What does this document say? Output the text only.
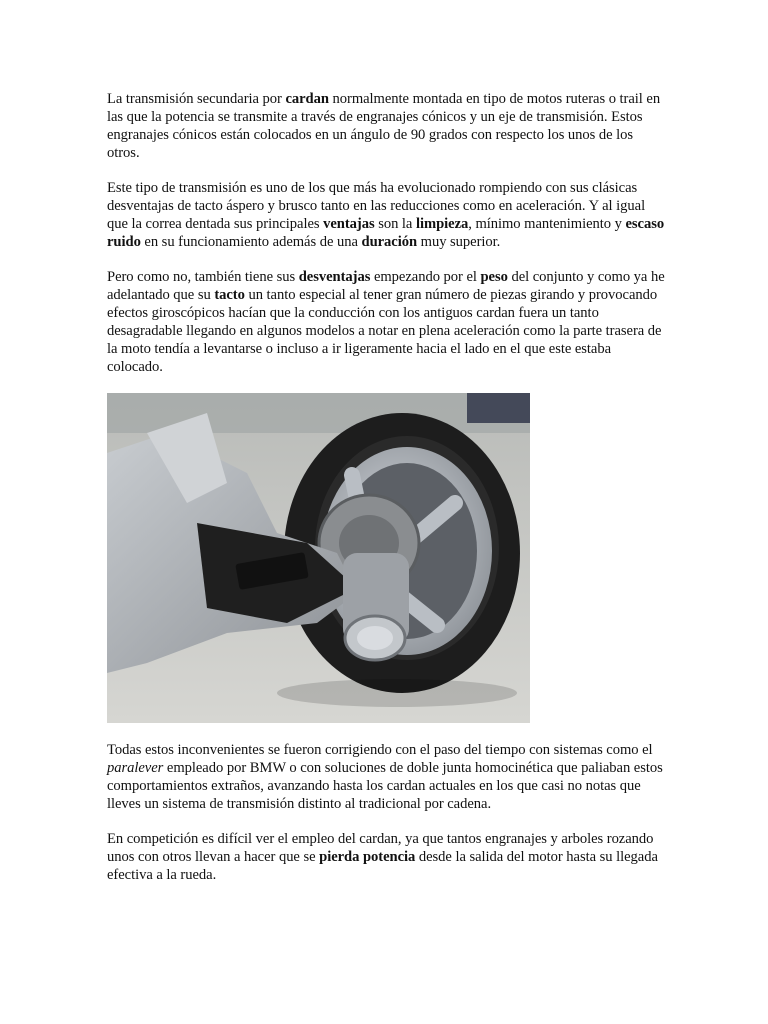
La transmisión secundaria por cardan normalmente montada en tipo de motos ruteras o trail en las que la potencia se transmite a través de engranajes cónicos y un eje de transmisión. Estos engranajes cónicos están colocados en un ángulo de 90 grados con respecto los unos de los otros.

Este tipo de transmisión es uno de los que más ha evolucionado rompiendo con sus clásicas desventajas de tacto áspero y brusco tanto en las reducciones como en aceleración. Y al igual que la correa dentada sus principales ventajas son la limpieza, mínimo mantenimiento y escaso ruido en su funcionamiento además de una duración muy superior.

Pero como no, también tiene sus desventajas empezando por el peso del conjunto y como ya he adelantado que su tacto un tanto especial al tener gran número de piezas girando y provocando efectos giroscópicos hacían que la conducción con los antiguos cardan fuera un tanto desagradable llegando en algunos modelos a notar en plena aceleración como la parte trasera de la moto tendía a levantarse o incluso a ir ligeramente hacia el lado en el que este estaba colocado.

Todas estos inconvenientes se fueron corrigiendo con el paso del tiempo con sistemas como el paralever empleado por BMW o con soluciones de doble junta homocinética que paliaban estos comportamientos extraños, avanzando hasta los cardan actuales en los que casi no notas que lleves un sistema de transmisión distinto al tradicional por cadena.

En competición es difícil ver el empleo del cardan, ya que tantos engranajes y arboles rozando unos con otros llevan a hacer que se pierda potencia desde la salida del motor hasta su llegada efectiva a la rueda.
